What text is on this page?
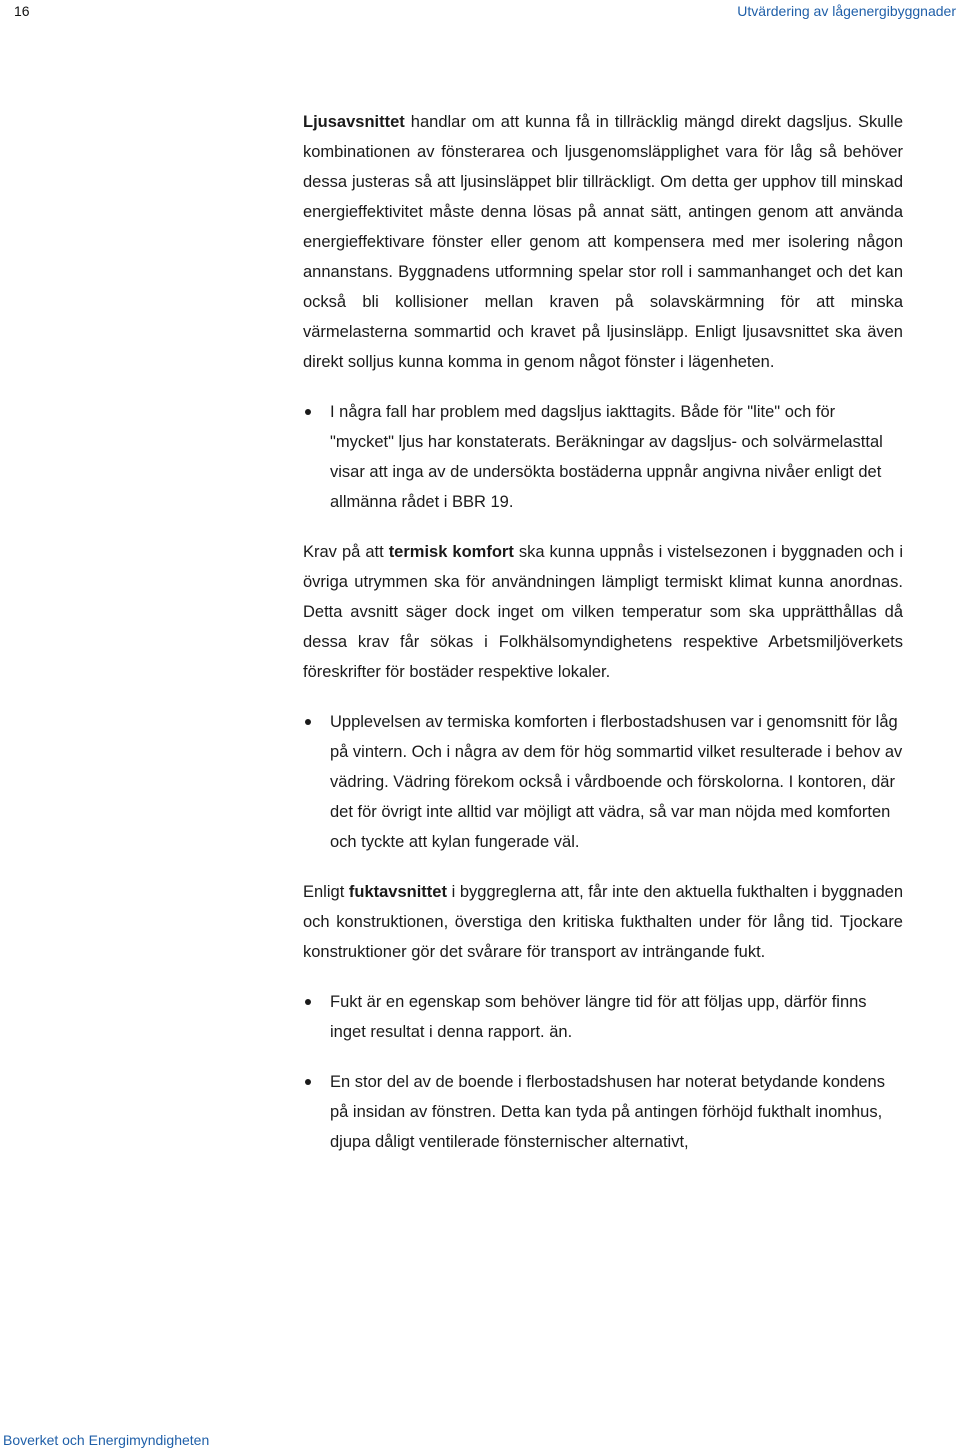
16	Utvärdering av lågenergibyggnader

Ljusavsnittet handlar om att kunna få in tillräcklig mängd direkt dagsljus. Skulle kombinationen av fönsterarea och ljusgenomsläpplighet vara för låg så behöver dessa justeras så att ljusinsläppet blir tillräckligt. Om detta ger upphov till minskad energieffektivitet måste denna lösas på annat sätt, antingen genom att använda energieffektivare fönster eller genom att kompensera med mer isolering någon annanstans. Byggnadens utformning spelar stor roll i sammanhanget och det kan också bli kollisioner mellan kraven på solavskärmning för att minska värmelasterna sommartid och kravet på ljusinsläpp. Enligt ljusavsnittet ska även direkt solljus kunna komma in genom något fönster i lägenheten.

I några fall har problem med dagsljus iakttagits. Både för "lite" och för "mycket" ljus har konstaterats. Beräkningar av dagsljus- och solvärmelasttal visar att inga av de undersökta bostäderna uppnår angivna nivåer enligt det allmänna rådet i BBR 19.

Krav på att termisk komfort ska kunna uppnås i vistelsezonen i byggnaden och i övriga utrymmen ska för användningen lämpligt termiskt klimat kunna anordnas. Detta avsnitt säger dock inget om vilken temperatur som ska upprätthållas då dessa krav får sökas i Folkhälsomyndighetens respektive Arbetsmiljöverkets föreskrifter för bostäder respektive lokaler.

Upplevelsen av termiska komforten i flerbostadshusen var i genomsnitt för låg på vintern. Och i några av dem för hög sommartid vilket resulterade i behov av vädring. Vädring förekom också i vårdboende och förskolorna. I kontoren, där det för övrigt inte alltid var möjligt att vädra, så var man nöjda med komforten och tyckte att kylan fungerade väl.

Enligt fuktavsnittet i byggreglerna att, får inte den aktuella fukthalten i byggnaden och konstruktionen, överstiga den kritiska fukthalten under för lång tid. Tjockare konstruktioner gör det svårare för transport av inträngande fukt.

Fukt är en egenskap som behöver längre tid för att följas upp, därför finns inget resultat i denna rapport. än.
En stor del av de boende i flerbostadshusen har noterat betydande kondens på insidan av fönstren. Detta kan tyda på antingen förhöjd fukthalt inomhus, djupa dåligt ventilerade fönsternischer alternativt,
Boverket och Energimyndigheten
